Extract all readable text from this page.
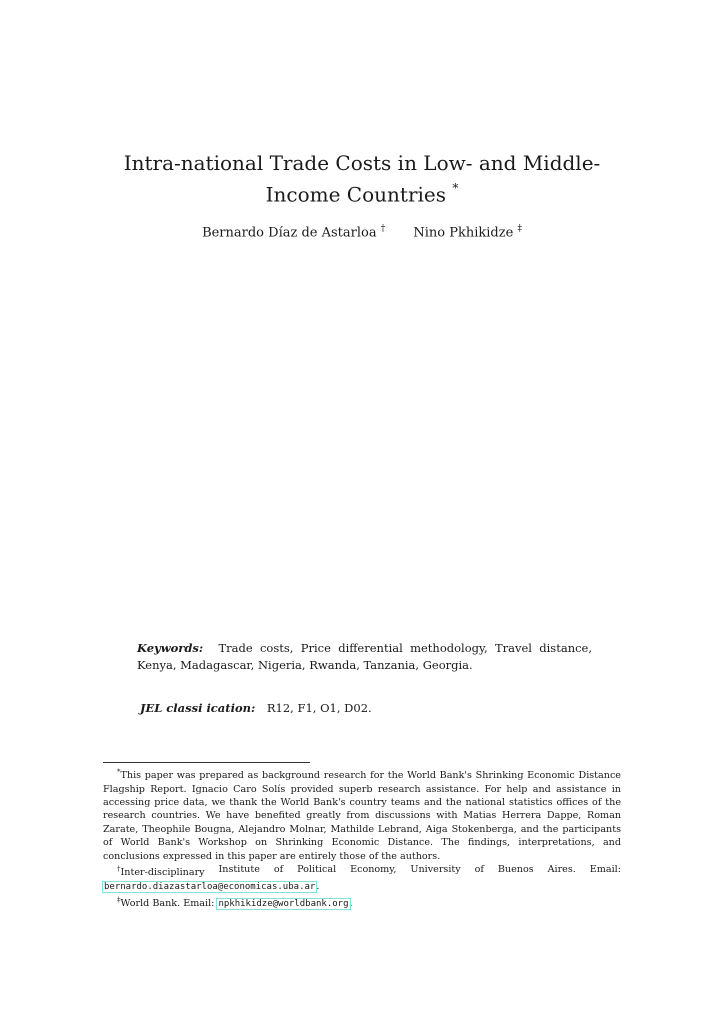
Intra-national Trade Costs in Low- and Middle-Income Countries *
Bernardo Díaz de Astarloa † Nino Pkhikidze ‡
Keywords: Trade costs, Price differential methodology, Travel distance, Kenya, Madagascar, Nigeria, Rwanda, Tanzania, Georgia.
JEL classi ication: R12, F1, O1, D02.

*This paper was prepared as background research for the World Bank's Shrinking Economic Distance Flagship Report. Ignacio Caro Solís provided superb research assistance. For help and assistance in accessing price data, we thank the World Bank's country teams and the national statistics offices of the research countries. We have benefited greatly from discussions with Matias Herrera Dappe, Roman Zarate, Theophile Bougna, Alejandro Molnar, Mathilde Lebrand, Aiga Stokenberga, and the participants of World Bank's Workshop on Shrinking Economic Distance. The findings, interpretations, and conclusions expressed in this paper are entirely those of the authors.

†Inter-disciplinary Institute of Political Economy, University of Buenos Aires. Email:

bernardo.diazastarloa@economicas.uba.ar.

‡World Bank. Email: npkhikidze@worldbank.org.
